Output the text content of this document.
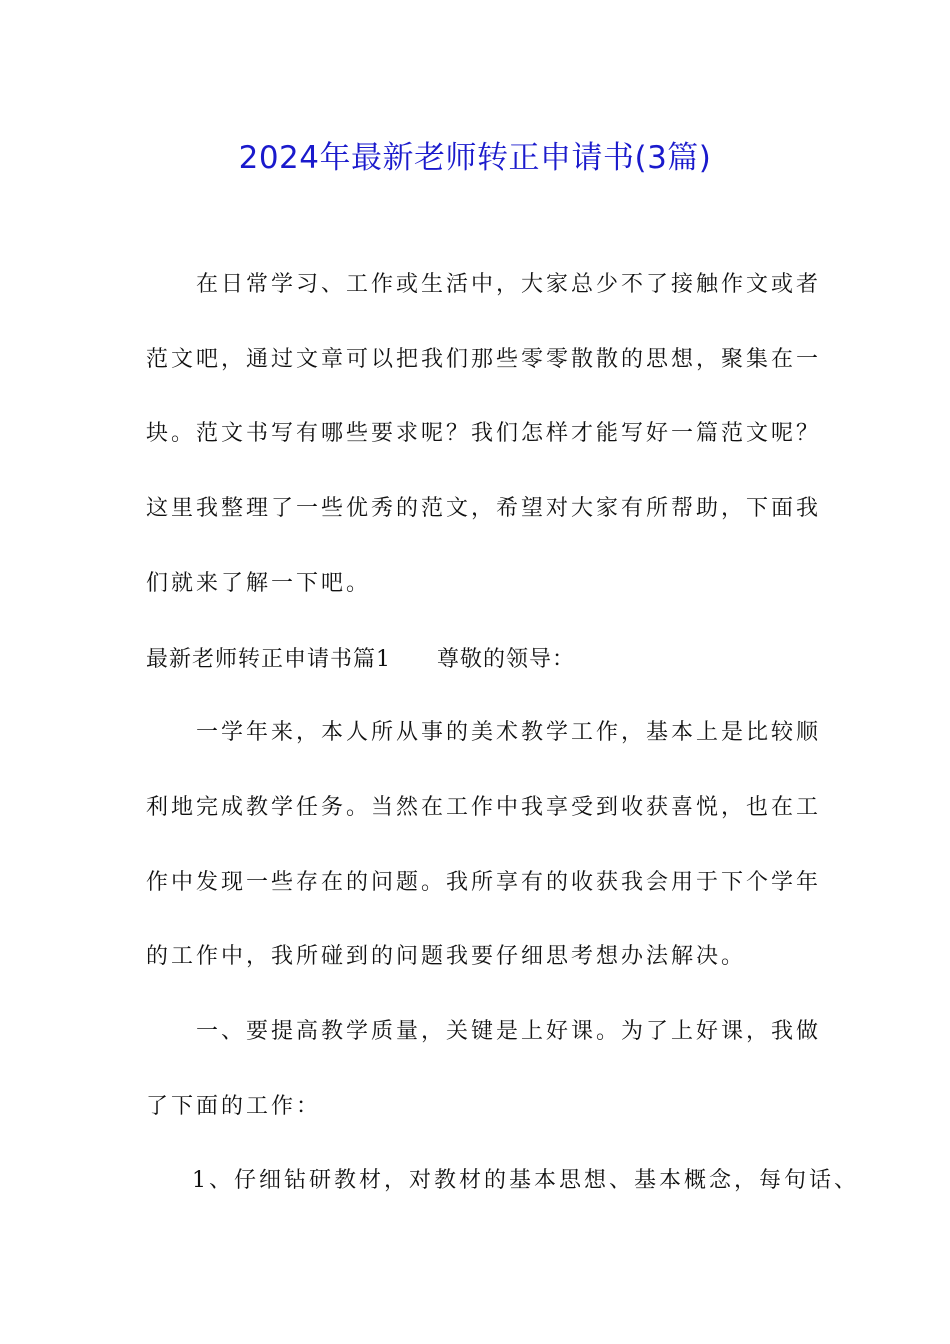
2024年最新老师转正申请书(3篇)
在日常学习、工作或生活中，大家总少不了接触作文或者
范文吧，通过文章可以把我们那些零零散散的思想，聚集在一
块。范文书写有哪些要求呢？我们怎样才能写好一篇范文呢？
这里我整理了一些优秀的范文，希望对大家有所帮助，下面我
们就来了解一下吧。
最新老师转正申请书篇1 尊敬的领导：
一学年来，本人所从事的美术教学工作，基本上是比较顺
利地完成教学任务。当然在工作中我享受到收获喜悦，也在工
作中发现一些存在的问题。我所享有的收获我会用于下个学年
的工作中，我所碰到的问题我要仔细思考想办法解决。
一、要提高教学质量，关键是上好课。为了上好课，我做
了下面的工作：
1、仔细钻研教材，对教材的基本思想、基本概念，每句话、
